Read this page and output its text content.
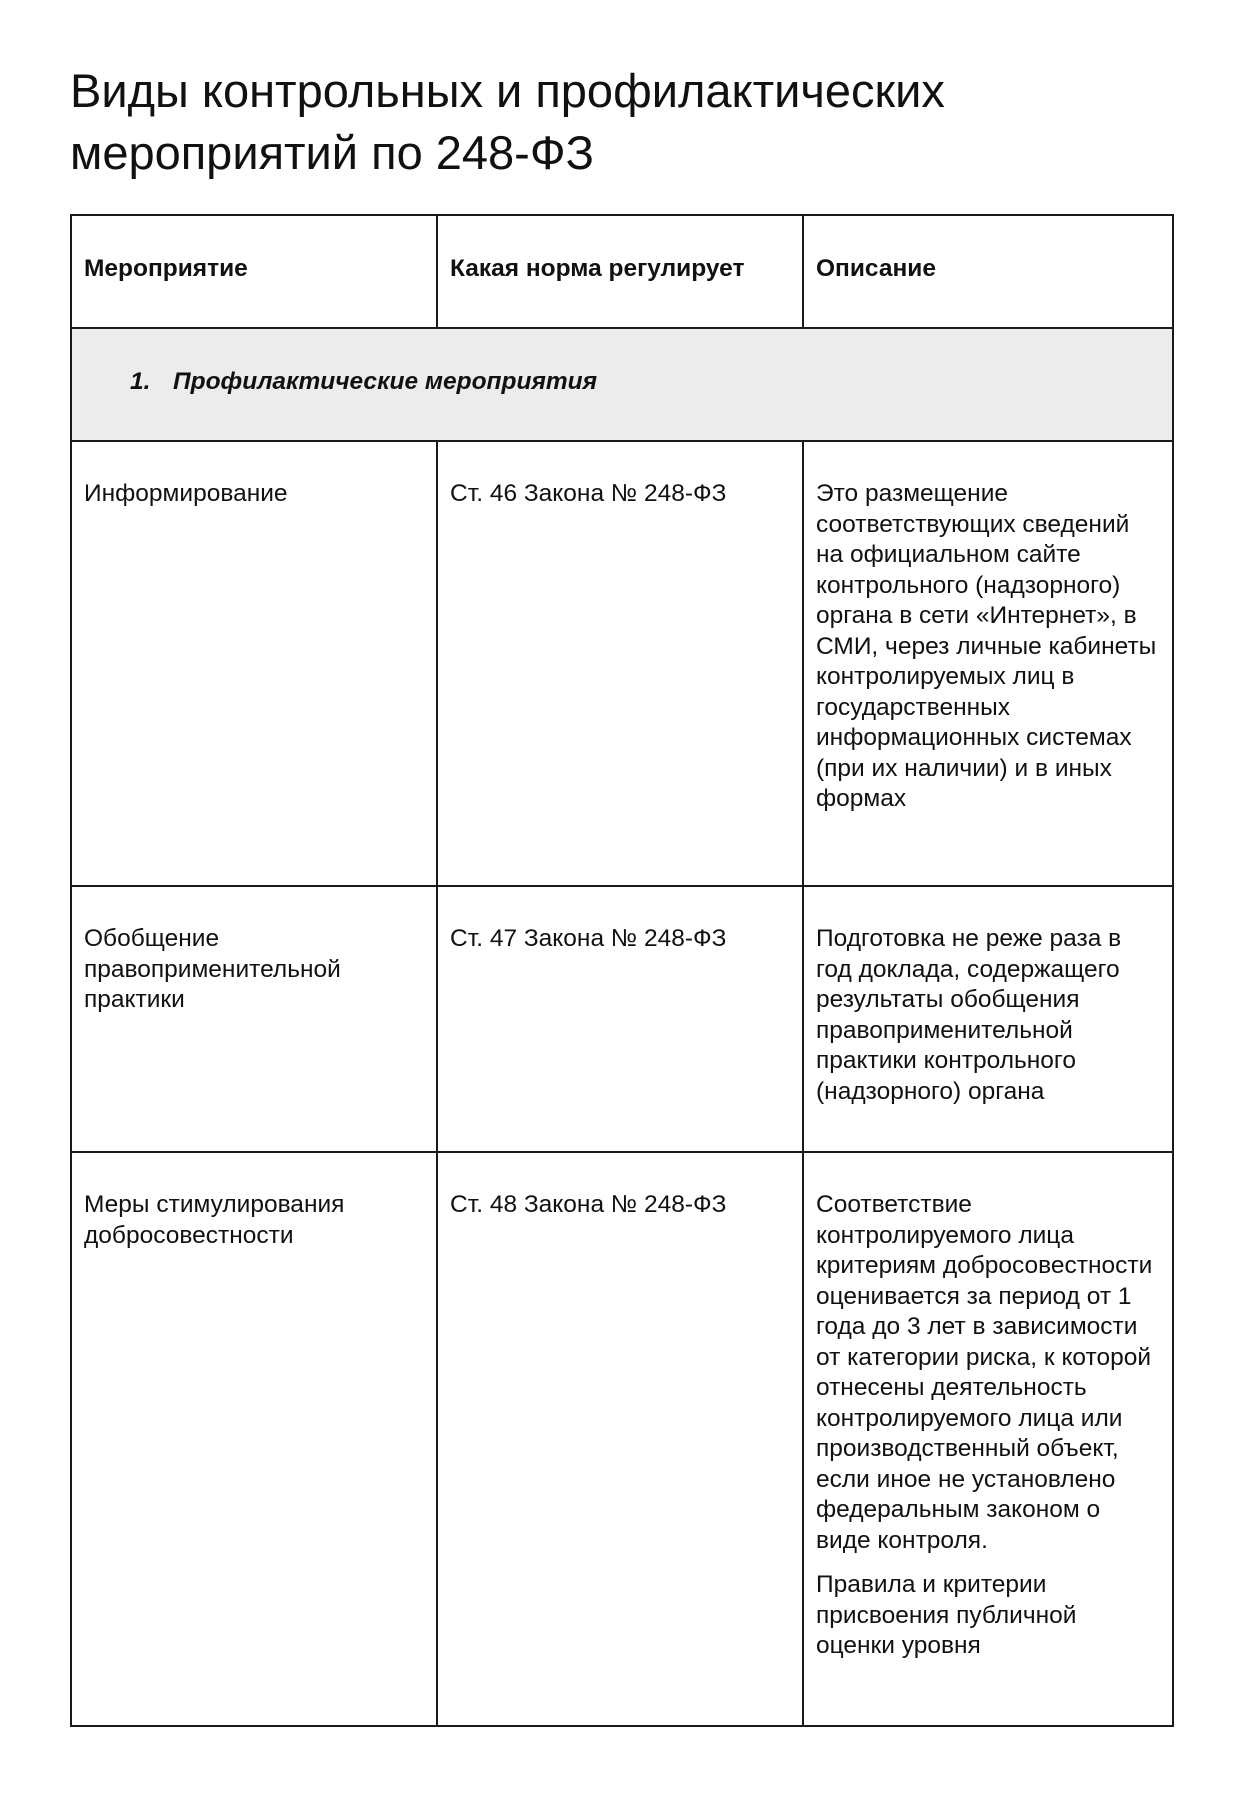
Виды контрольных и профилактических
мероприятий по 248-ФЗ
Мероприятие	Какая норма регулирует	Описание
1. Профилактические мероприятия		
Информирование	Ст. 46 Закона № 248-ФЗ	Это размещение соответствующих сведений на официальном сайте контрольного (надзорного) органа в сети «Интернет», в СМИ, через личные кабинеты контролируемых лиц в государственных информационных системах (при их наличии) и в иных формах

Обобщение правоприменительной практики	Ст. 47 Закона № 248-ФЗ	Подготовка не реже раза в год доклада, содержащего результаты обобщения правоприменительной практики контрольного (надзорного) органа

Меры стимулирования добросовестности	Ст. 48 Закона № 248-ФЗ	Соответствие контролируемого лица критериям добросовестности оценивается за период от 1 года до 3 лет в зависимости от категории риска, к которой отнесены деятельность контролируемого лица или производственный объект, если иное не установлено федеральным законом о виде контроля.

Правила и критерии присвоения публичной оценки уровня
